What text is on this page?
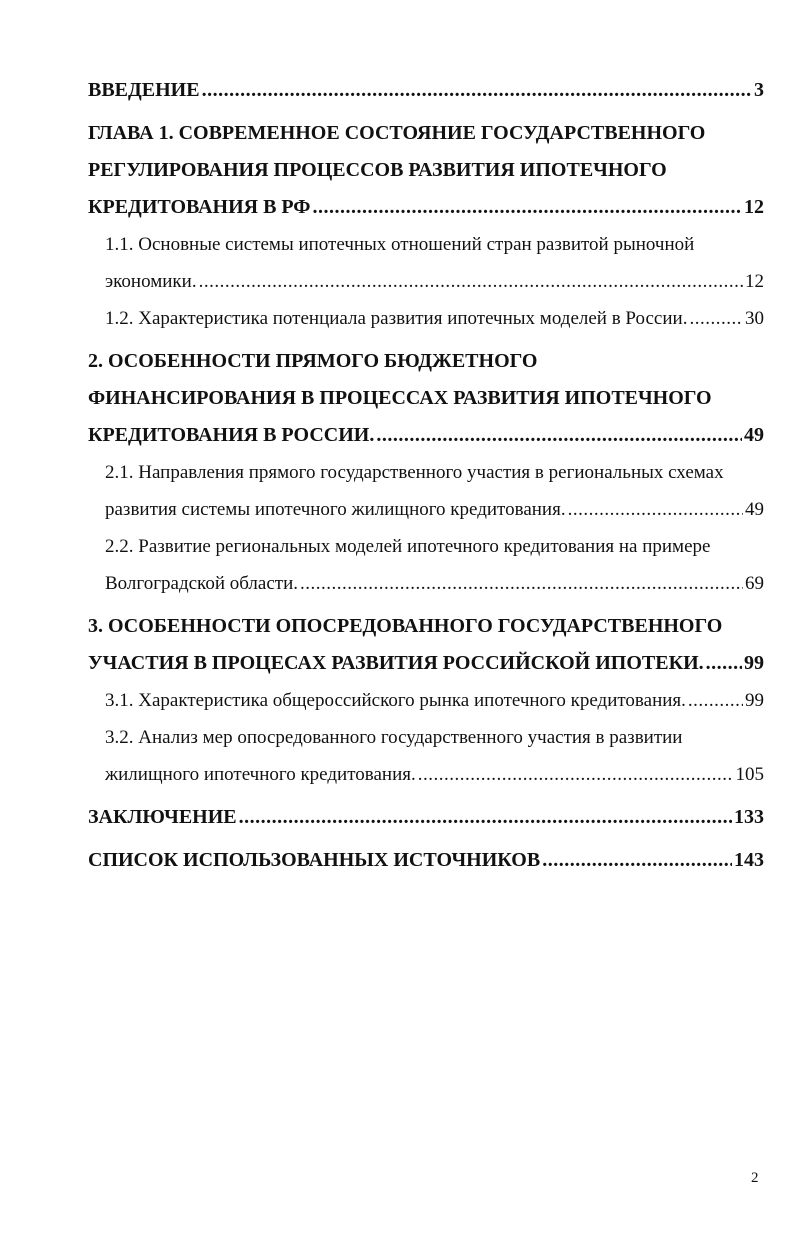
ВВЕДЕНИЕ .....	3
ГЛАВА 1. СОВРЕМЕННОЕ СОСТОЯНИЕ ГОСУДАРСТВЕННОГО
РЕГУЛИРОВАНИЯ ПРОЦЕССОВ РАЗВИТИЯ ИПОТЕЧНОГО
КРЕДИТОВАНИЯ В РФ .....	12
1.1. Основные системы ипотечных отношений стран развитой рыночной
экономики. .....	12
1.2. Характеристика потенциала развития ипотечных моделей в России. .....	30
2. ОСОБЕННОСТИ ПРЯМОГО БЮДЖЕТНОГО
ФИНАНСИРОВАНИЯ В ПРОЦЕССАХ РАЗВИТИЯ ИПОТЕЧНОГО
КРЕДИТОВАНИЯ В РОССИИ. .....	49
2.1. Направления прямого государственного участия в региональных схемах
развития системы ипотечного жилищного кредитования. .....	49
2.2. Развитие региональных моделей ипотечного кредитования на примере
Волгоградской области. .....	69
3. ОСОБЕННОСТИ ОПОСРЕДОВАННОГО ГОСУДАРСТВЕННОГО
УЧАСТИЯ В ПРОЦЕСАХ РАЗВИТИЯ РОССИЙСКОЙ ИПОТЕКИ. ..... 99
3.1. Характеристика общероссийского рынка ипотечного кредитования. .....	99
3.2. Анализ мер опосредованного государственного участия в развитии
жилищного ипотечного кредитования. .....	105
ЗАКЛЮЧЕНИЕ .....	133
СПИСОК ИСПОЛЬЗОВАННЫХ ИСТОЧНИКОВ .....	143
2
